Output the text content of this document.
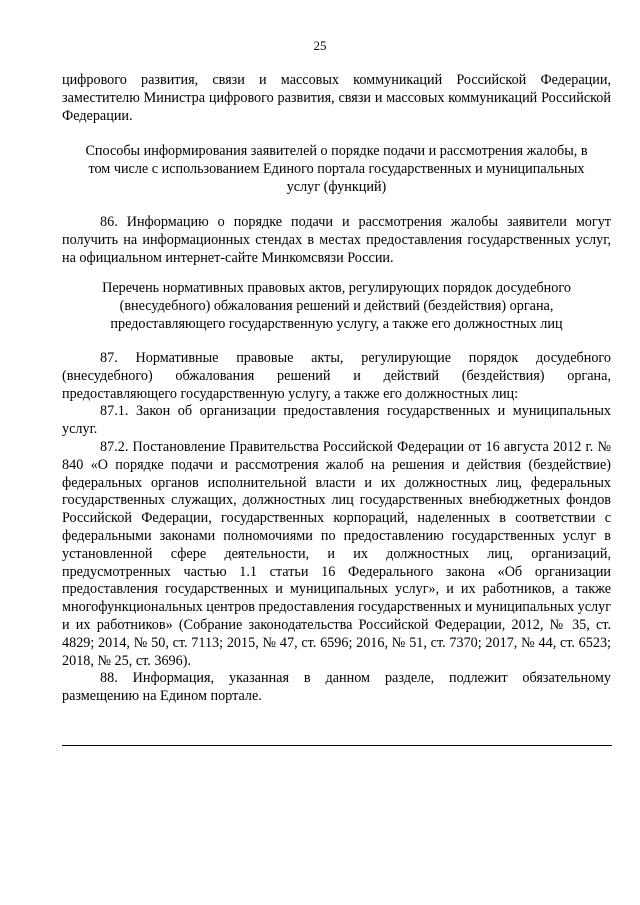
25

цифрового развития, связи и массовых коммуникаций Российской Федерации, заместителю Министра цифрового развития, связи и массовых коммуникаций Российской Федерации.

Способы информирования заявителей о порядке подачи и рассмотрения жалобы, в том числе с использованием Единого портала государственных и муниципальных услуг (функций)

86. Информацию о порядке подачи и рассмотрения жалобы заявители могут получить на информационных стендах в местах предоставления государственных услуг, на официальном интернет-сайте Минкомсвязи России.

Перечень нормативных правовых актов, регулирующих порядок досудебного (внесудебного) обжалования решений и действий (бездействия) органа, предоставляющего государственную услугу, а также его должностных лиц

87. Нормативные правовые акты, регулирующие порядок досудебного (внесудебного) обжалования решений и действий (бездействия) органа, предоставляющего государственную услугу, а также его должностных лиц:

87.1. Закон об организации предоставления государственных и муниципальных услуг.

87.2. Постановление Правительства Российской Федерации от 16 августа 2012 г. № 840 «О порядке подачи и рассмотрения жалоб на решения и действия (бездействие) федеральных органов исполнительной власти и их должностных лиц, федеральных государственных служащих, должностных лиц государственных внебюджетных фондов Российской Федерации, государственных корпораций, наделенных в соответствии с федеральными законами полномочиями по предоставлению государственных услуг в установленной сфере деятельности, и их должностных лиц, организаций, предусмотренных частью 1.1 статьи 16 Федерального закона «Об организации предоставления государственных и муниципальных услуг», и их работников, а также многофункциональных центров предоставления государственных и муниципальных услуг и их работников» (Собрание законодательства Российской Федерации, 2012, № 35, ст. 4829; 2014, № 50, ст. 7113; 2015, № 47, ст. 6596; 2016, № 51, ст. 7370; 2017, № 44, ст. 6523; 2018, № 25, ст. 3696).

88. Информация, указанная в данном разделе, подлежит обязательному размещению на Едином портале.
